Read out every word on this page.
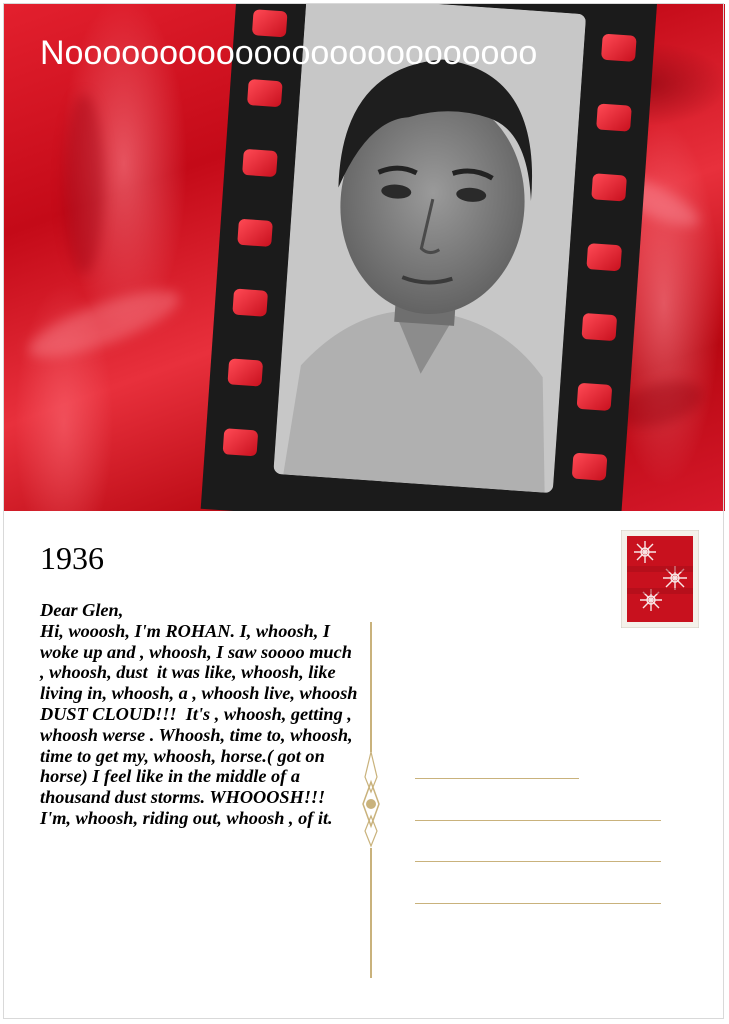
Nooooooooooooooooooooooooo
1936
Dear Glen,
Hi, wooosh, I'm ROHAN. I, whoosh, I woke up and , whoosh, I saw soooo much , whoosh, dust  it was like, whoosh, like living in, whoosh, a , whoosh live, whoosh DUST CLOUD!!!  It's , whoosh, getting , whoosh werse . Whoosh, time to, whoosh, time to get my, whoosh, horse.( got on horse) I feel like in the middle of a thousand dust storms. WHOOOSH!!!  I'm, whoosh, riding out, whoosh , of it.
